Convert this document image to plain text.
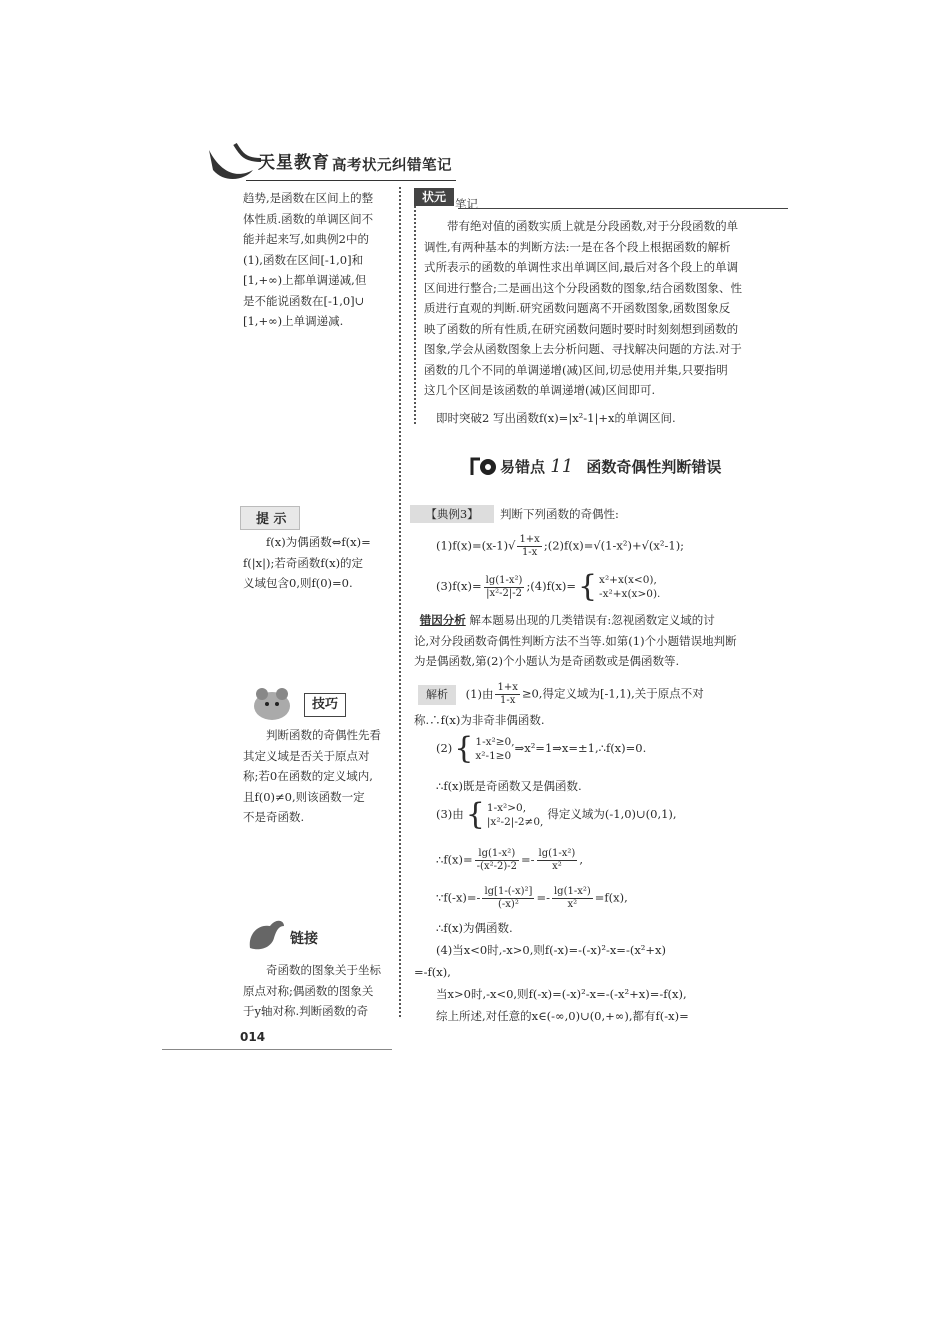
天星教育 高考状元纠错笔记

趋势,是函数在区间上的整

体性质.函数的单调区间不

能并起来写,如典例2中的

(1),函数在区间[-1,0]和

[1,+∞)上都单调递减,但

是不能说函数在[-1,0]∪

[1,+∞)上单调递减.

提 示

f(x)为偶函数⇔f(x)=

f(|x|);若奇函数f(x)的定

义域包含0,则f(0)=0.

技巧

判断函数的奇偶性先看

其定义域是否关于原点对

称;若0在函数的定义域内,

且f(0)≠0,则该函数一定

不是奇函数.

链接

奇函数的图象关于坐标

原点对称;偶函数的图象关

于y轴对称.判断函数的奇

状元 笔记

带有绝对值的函数实质上就是分段函数,对于分段函数的单

调性,有两种基本的判断方法:一是在各个段上根据函数的解析

式所表示的函数的单调性求出单调区间,最后对各个段上的单调

区间进行整合;二是画出这个分段函数的图象,结合函数图象、性

质进行直观的判断.研究函数问题离不开函数图象,函数图象反

映了函数的所有性质,在研究函数问题时要时时刻刻想到函数的

图象,学会从函数图象上去分析问题、寻找解决问题的方法.对于

函数的几个不同的单调递增(减)区间,切忌使用并集,只要指明

这几个区间是该函数的单调递增(减)区间即可.

即时突破2 写出函数f(x)=|x²-1|+x的单调区间.
易错点 11 函数奇偶性判断错误
【典例3】	判断下列函数的奇偶性:
$(1)f(x)=(x-1)√ \frac{1+x}{1-x}$ ;(2)f(x)=√(1-x²)+√(x²-1);
$(3)f(x)= \frac{\text{lg(1-x²)}}{\text{|x²-2|-2}}$ ;(4)f(x)={ x²+x(x<0),
-x²+x(x>0).

错因分析 解本题易出现的几类错误有:忽视函数定义域的讨

论,对分段函数奇偶性判断方法不当等.如第(1)个小题错误地判断

为是偶函数,第(2)个小题认为是奇函数或是偶函数等.

解析 (1)由 $\frac{1+x}{1-x} \ge 0$,得定义域为[-1,1),关于原点不对
称.∴f(x)为非奇非偶函数.
(2){ 1-x²≥0,
x²-1≥0
⇒x²=1⇒x=±1,∴f(x)=0.
∴f(x)既是奇函数又是偶函数.
(3)由{ 1-x²>0,
|x²-2|-2≠0,
得定义域为(-1,0)∪(0,1),
∴f(x)= $\frac{\text{lg(1-x²)}}{\text{-(x²-2)-2}} =- \frac{\text{lg(1-x²)}}{\text{x²}}$ ,
∵f(-x)=- $\frac{\text{lg[1-(-x)²]}}{\text{(-x)²}} =- \frac{\text{lg(1-x²)}}{\text{x²}} =f(x)$,
∴f(x)为偶函数.
(4)当x<0时,-x>0,则f(-x)=-(-x)²-x=-(x²+x)
=-f(x),
当x>0时,-x<0,则f(-x)=(-x)²-x=-(-x²+x)=-f(x),
综上所述,对任意的x∈(-∞,0)∪(0,+∞),都有f(-x)=
014
